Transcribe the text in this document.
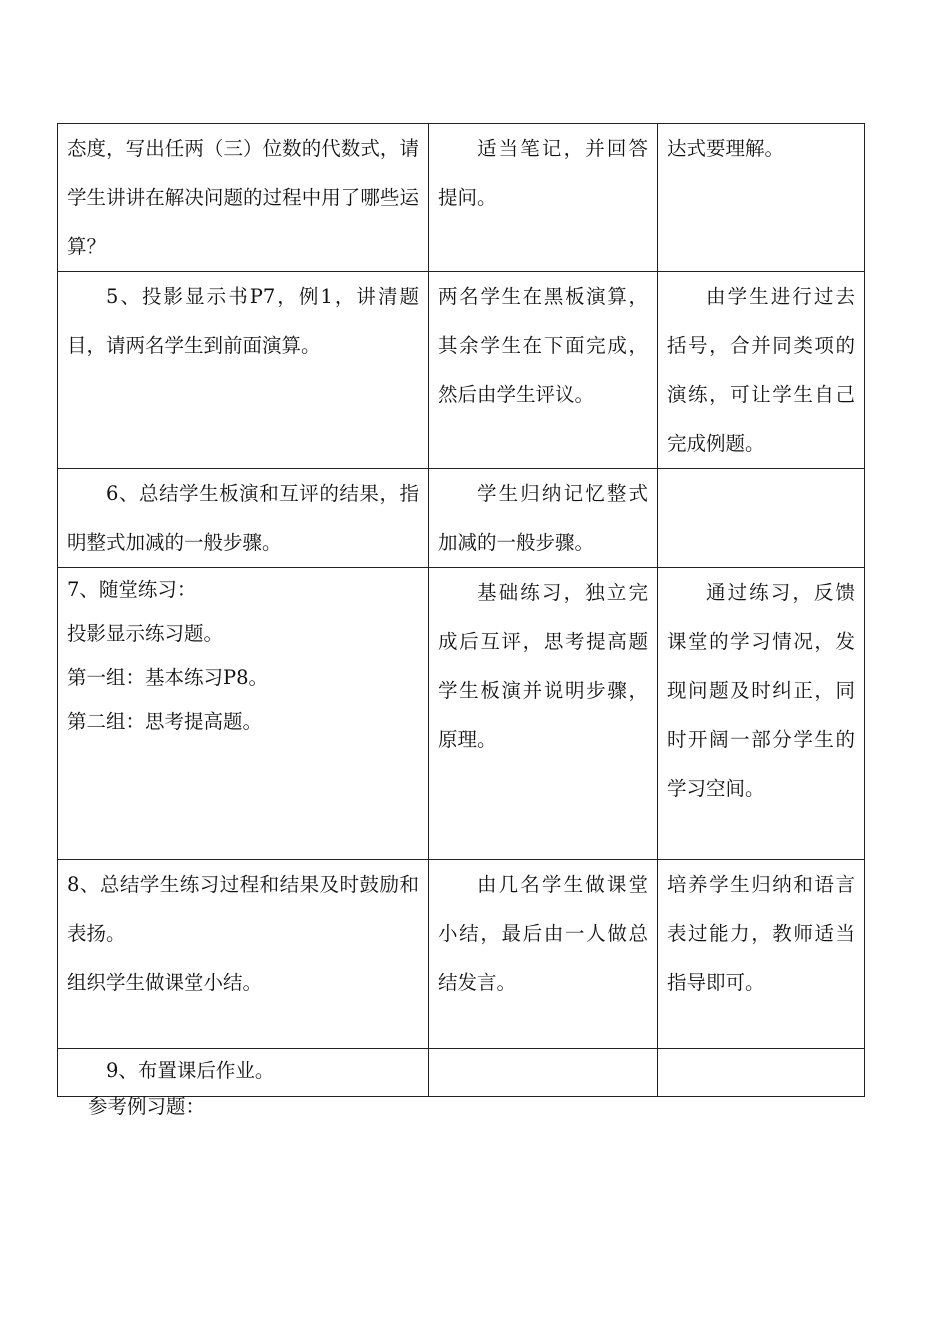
态度，写出任两（三）位数的代数式，请学生讲讲在解决问题的过程中用了哪些运算？	适当笔记，并回答提问。	达式要理解。

5、投影显示书P7，例1，讲清题目，请两名学生到前面演算。	两名学生在黑板演算，其余学生在下面完成，然后由学生评议。	由学生进行过去括号，合并同类项的演练，可让学生自己完成例题。

6、总结学生板演和互评的结果，指明整式加减的一般步骤。	学生归纳记忆整式加减的一般步骤。	

7、随堂练习：

投影显示练习题。

第一组：基本练习P8。

第二组：思考提高题。	基础练习，独立完成后互评，思考提高题学生板演并说明步骤，原理。	通过练习，反馈课堂的学习情况，发现问题及时纠正，同时开阔一部分学生的学习空间。

8、总结学生练习过程和结果及时鼓励和表扬。

组织学生做课堂小结。	由几名学生做课堂小结，最后由一人做总结发言。	培养学生归纳和语言表过能力，教师适当指导即可。

9、布置课后作业。		

参考例习题：
